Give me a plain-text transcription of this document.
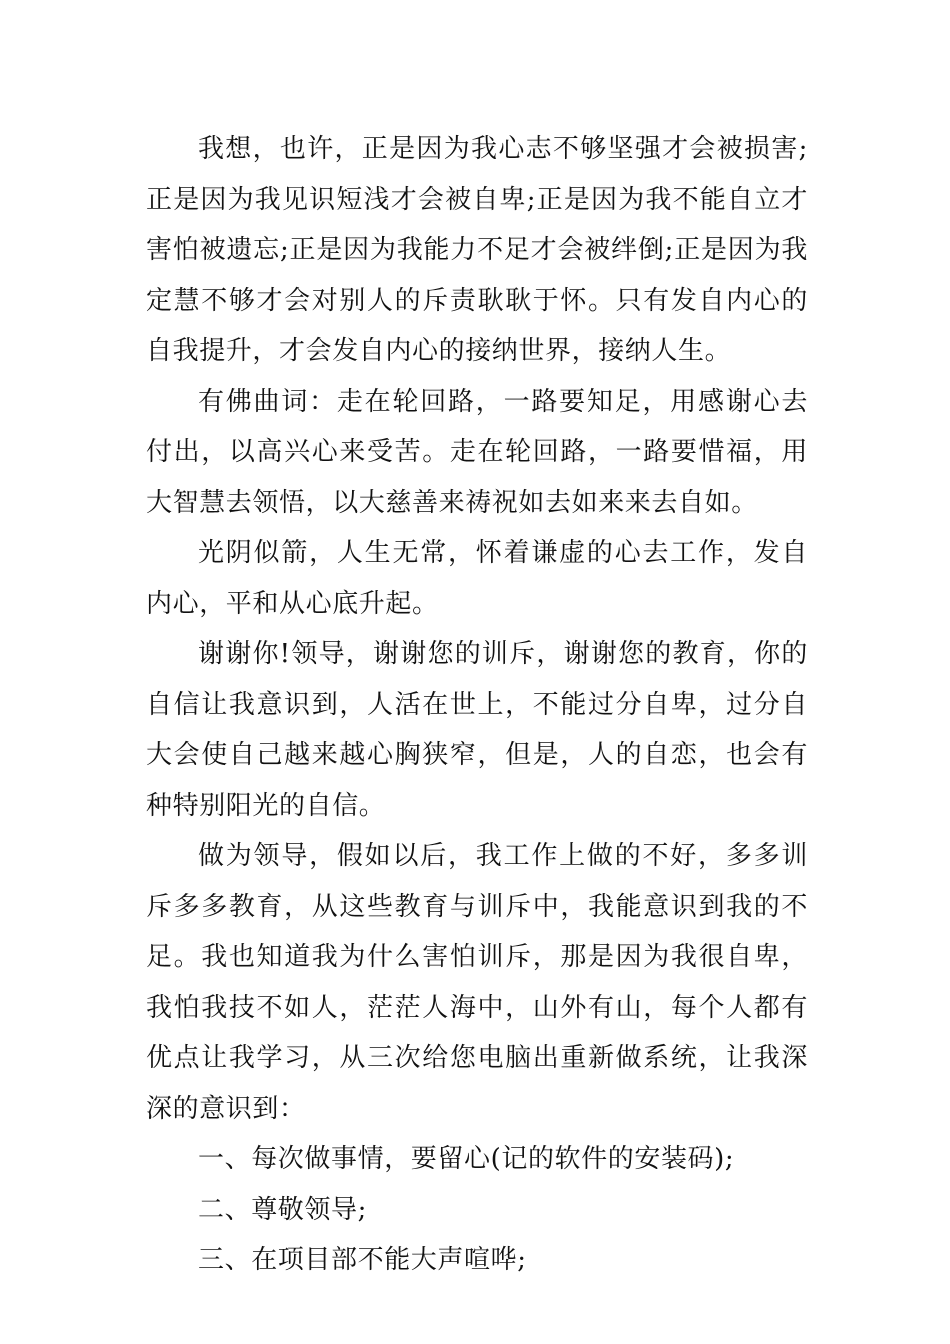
我想，也许，正是因为我心志不够坚强才会被损害;正是因为我见识短浅才会被自卑;正是因为我不能自立才害怕被遗忘;正是因为我能力不足才会被绊倒;正是因为我定慧不够才会对别人的斥责耿耿于怀。只有发自内心的自我提升，才会发自内心的接纳世界，接纳人生。

有佛曲词：走在轮回路，一路要知足，用感谢心去付出，以高兴心来受苦。走在轮回路，一路要惜福，用大智慧去领悟，以大慈善来祷祝如去如来来去自如。

光阴似箭，人生无常，怀着谦虚的心去工作，发自内心，平和从心底升起。

谢谢你!领导，谢谢您的训斥，谢谢您的教育，你的自信让我意识到，人活在世上，不能过分自卑，过分自大会使自己越来越心胸狭窄，但是，人的自恋，也会有种特别阳光的自信。

做为领导，假如以后，我工作上做的不好，多多训斥多多教育，从这些教育与训斥中，我能意识到我的不足。我也知道我为什么害怕训斥，那是因为我很自卑，我怕我技不如人，茫茫人海中，山外有山，每个人都有优点让我学习，从三次给您电脑出重新做系统，让我深深的意识到：

一、每次做事情，要留心(记的软件的安装码);

二、尊敬领导;

三、在项目部不能大声喧哗;
